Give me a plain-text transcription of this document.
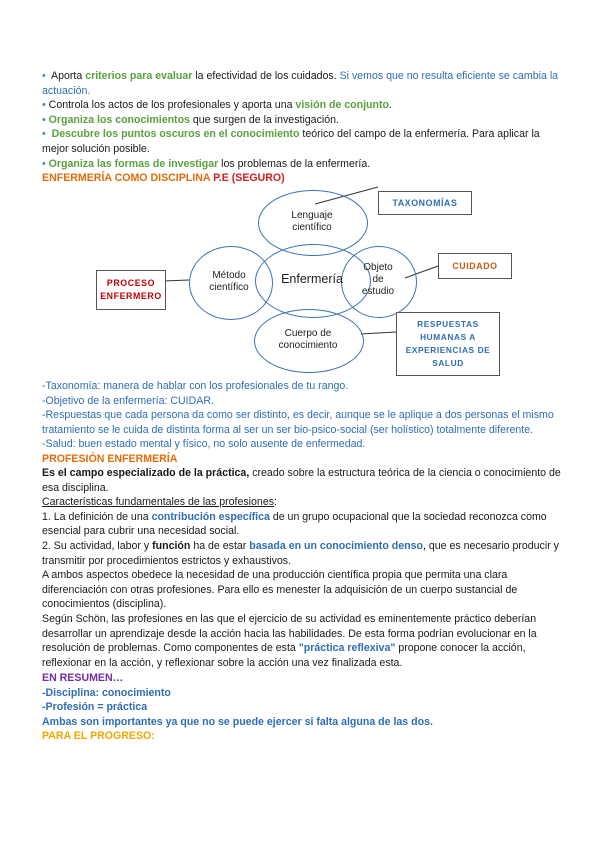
• Aporta criterios para evaluar la efectividad de los cuidados. Si vemos que no resulta eficiente se cambia la
actuación.
• Controla los actos de los profesionales y aporta una visión de conjunto.
• Organiza los conocimientos que surgen de la investigación.
• Descubre los puntos oscuros en el conocimiento teórico del campo de la enfermería. Para aplicar la
mejor solución posible.
• Organiza las formas de investigar los problemas de la enfermería.
ENFERMERÍA COMO DISCIPLINA P.E (SEGURO)
Lenguaje
científico
Método
científico
Enfermería
Objeto
de
estudio
Cuerpo de
conocimiento
TAXONOMÍAS
CUIDADO
PROCESO
ENFERMERO
RESPUESTAS
HUMANAS A
EXPERIENCIAS DE
SALUD
-Taxonomía: manera de hablar con los profesionales de tu rango.
-Objetivo de la enfermería: CUIDAR.
-Respuestas que cada persona da como ser distinto, es decir, aunque se le aplique a dos personas el mismo
tratamiento se le cuida de distinta forma al ser un ser bio-psico-social (ser holístico) totalmente diferente.
-Salud: buen estado mental y físico, no solo ausente de enfermedad.
PROFESIÓN ENFERMERÍA
Es el campo especializado de la práctica, creado sobre la estructura teórica de la ciencia o conocimiento de
esa disciplina.
Características fundamentales de las profesiones:
1. La definición de una contribución específica de un grupo ocupacional que la sociedad reconozca como
esencial para cubrir una necesidad social.
2. Su actividad, labor y función ha de estar basada en un conocimiento denso, que es necesario producir y
transmitir por procedimientos estrictos y exhaustivos.
A ambos aspectos obedece la necesidad de una producción científica propia que permita una clara
diferenciación con otras profesiones. Para ello es menester la adquisición de un cuerpo sustancial de
conocimientos (disciplina).
Según Schön, las profesiones en las que el ejercicio de su actividad es eminentemente práctico deberían
desarrollar un aprendizaje desde la acción hacia las habilidades. De esta forma podrían evolucionar en la
resolución de problemas. Como componentes de esta "práctica reflexiva" propone conocer la acción,
reflexionar en la acción, y reflexionar sobre la acción una vez finalizada esta.
EN RESUMEN…
-Disciplina: conocimiento
-Profesión = práctica
Ambas son importantes ya que no se puede ejercer si falta alguna de las dos.
PARA EL PROGRESO:
